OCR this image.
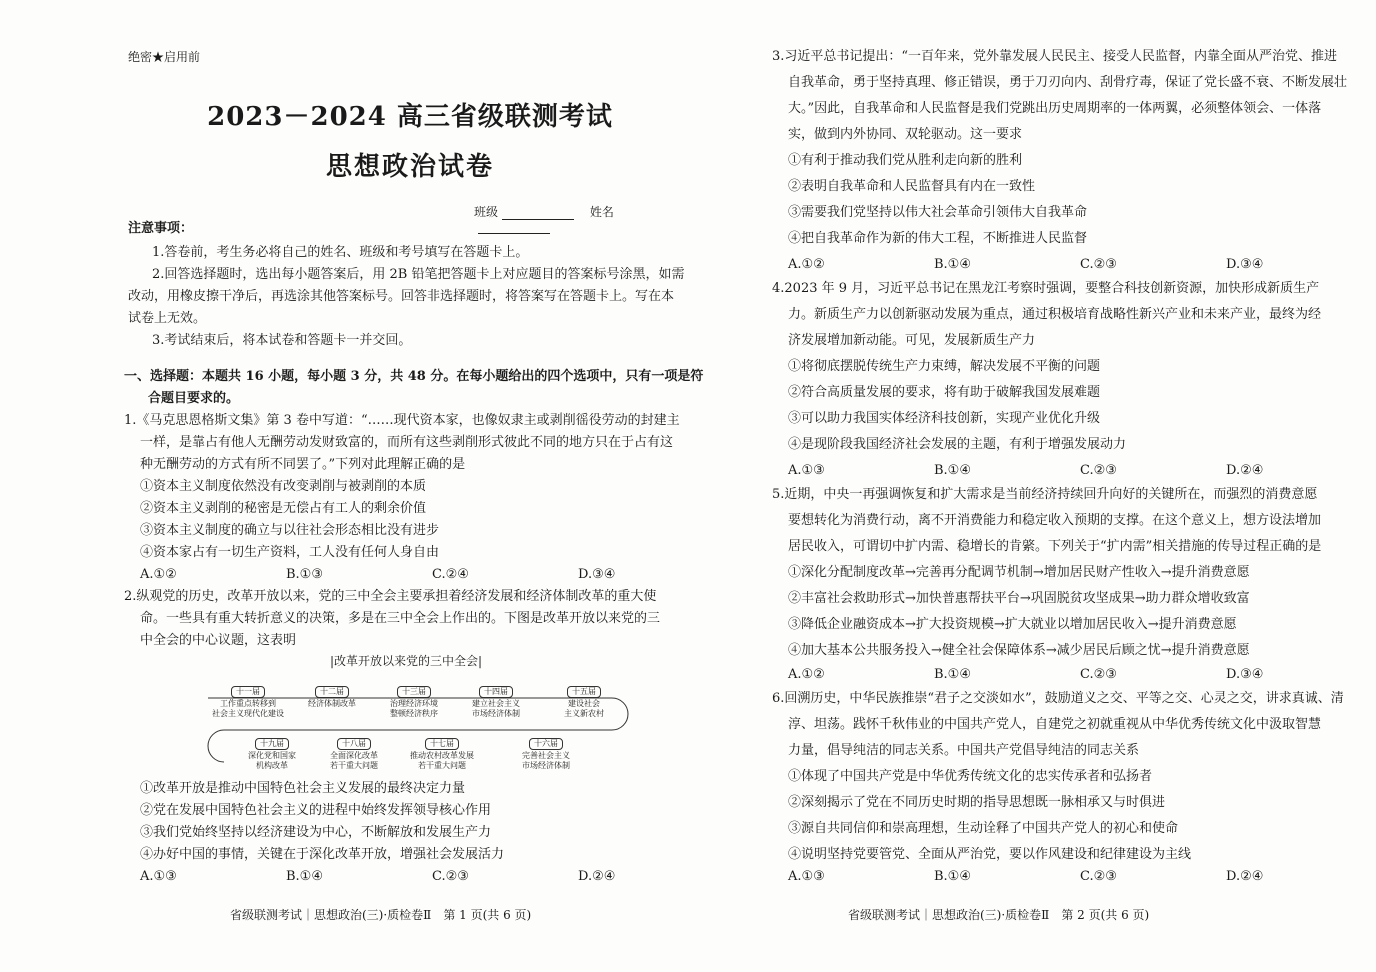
绝密★启用前
2023－2024 高三省级联测考试
思想政治试卷
班级	姓名
注意事项：
1.答卷前，考生务必将自己的姓名、班级和考号填写在答题卡上。
2.回答选择题时，选出每小题答案后，用 2B 铅笔把答题卡上对应题目的答案标号涂黑，如需
改动，用橡皮擦干净后，再选涂其他答案标号。回答非选择题时，将答案写在答题卡上。写在本
试卷上无效。
3.考试结束后，将本试卷和答题卡一并交回。
一、选择题：本题共 16 小题，每小题 3 分，共 48 分。在每小题给出的四个选项中，只有一项是符
合题目要求的。
1.《马克思恩格斯文集》第 3 卷中写道：“……现代资本家，也像奴隶主或剥削徭役劳动的封建主
一样，是靠占有他人无酬劳动发财致富的，而所有这些剥削形式彼此不同的地方只在于占有这
种无酬劳动的方式有所不同罢了。”下列对此理解正确的是
①资本主义制度依然没有改变剥削与被剥削的本质
②资本主义剥削的秘密是无偿占有工人的剩余价值
③资本主义制度的确立与以往社会形态相比没有进步
④资本家占有一切生产资料，工人没有任何人身自由
A.①②	B.①③	C.②④	D.③④
2.纵观党的历史，改革开放以来，党的三中全会主要承担着经济发展和经济体制改革的重大使
命。一些具有重大转折意义的决策，多是在三中全会上作出的。下图是改革开放以来党的三
中全会的中心议题，这表明
|改革开放以来党的三中全会|
十一届
工作重点转移到
社会主义现代化建设
十二届
经济体制改革
十三届
治理经济环境
整顿经济秩序
十四届
建立社会主义
市场经济体制
十五届
建设社会
主义新农村
十九届
深化党和国家
机构改革
十八届
全面深化改革
若干重大问题
十七届
推动农村改革发展
若干重大问题
十六届
完善社会主义
市场经济体制
①改革开放是推动中国特色社会主义发展的最终决定力量
②党在发展中国特色社会主义的进程中始终发挥领导核心作用
③我们党始终坚持以经济建设为中心，不断解放和发展生产力
④办好中国的事情，关键在于深化改革开放，增强社会发展活力
A.①③	B.①④	C.②③	D.②④
省级联测考试｜思想政治(三)·质检卷Ⅱ　第 1 页(共 6 页)
3.习近平总书记提出：“一百年来，党外靠发展人民民主、接受人民监督，内靠全面从严治党、推进
自我革命，勇于坚持真理、修正错误，勇于刀刃向内、刮骨疗毒，保证了党长盛不衰、不断发展壮
大。”因此，自我革命和人民监督是我们党跳出历史周期率的一体两翼，必须整体领会、一体落
实，做到内外协同、双轮驱动。这一要求
①有利于推动我们党从胜利走向新的胜利
②表明自我革命和人民监督具有内在一致性
③需要我们党坚持以伟大社会革命引领伟大自我革命
④把自我革命作为新的伟大工程，不断推进人民监督
A.①②	B.①④	C.②③	D.③④
4.2023 年 9 月，习近平总书记在黑龙江考察时强调，要整合科技创新资源，加快形成新质生产
力。新质生产力以创新驱动发展为重点，通过积极培育战略性新兴产业和未来产业，最终为经
济发展增加新动能。可见，发展新质生产力
①将彻底摆脱传统生产力束缚，解决发展不平衡的问题
②符合高质量发展的要求，将有助于破解我国发展难题
③可以助力我国实体经济科技创新，实现产业优化升级
④是现阶段我国经济社会发展的主题，有利于增强发展动力
A.①③	B.①④	C.②③	D.②④
5.近期，中央一再强调恢复和扩大需求是当前经济持续回升向好的关键所在，而强烈的消费意愿
要想转化为消费行动，离不开消费能力和稳定收入预期的支撑。在这个意义上，想方设法增加
居民收入，可谓切中扩内需、稳增长的肯綮。下列关于“扩内需”相关措施的传导过程正确的是
①深化分配制度改革→完善再分配调节机制→增加居民财产性收入→提升消费意愿
②丰富社会救助形式→加快普惠帮扶平台→巩固脱贫攻坚成果→助力群众增收致富
③降低企业融资成本→扩大投资规模→扩大就业以增加居民收入→提升消费意愿
④加大基本公共服务投入→健全社会保障体系→减少居民后顾之忧→提升消费意愿
A.①②	B.①④	C.②③	D.③④
6.回溯历史，中华民族推崇“君子之交淡如水”，鼓励道义之交、平等之交、心灵之交，讲求真诚、清
淳、坦荡。践怀千秋伟业的中国共产党人，自建党之初就重视从中华优秀传统文化中汲取智慧
力量，倡导纯洁的同志关系。中国共产党倡导纯洁的同志关系
①体现了中国共产党是中华优秀传统文化的忠实传承者和弘扬者
②深刻揭示了党在不同历史时期的指导思想既一脉相承又与时俱进
③源自共同信仰和崇高理想，生动诠释了中国共产党人的初心和使命
④说明坚持党要管党、全面从严治党，要以作风建设和纪律建设为主线
A.①③	B.①④	C.②③	D.②④
省级联测考试｜思想政治(三)·质检卷Ⅱ　第 2 页(共 6 页)
